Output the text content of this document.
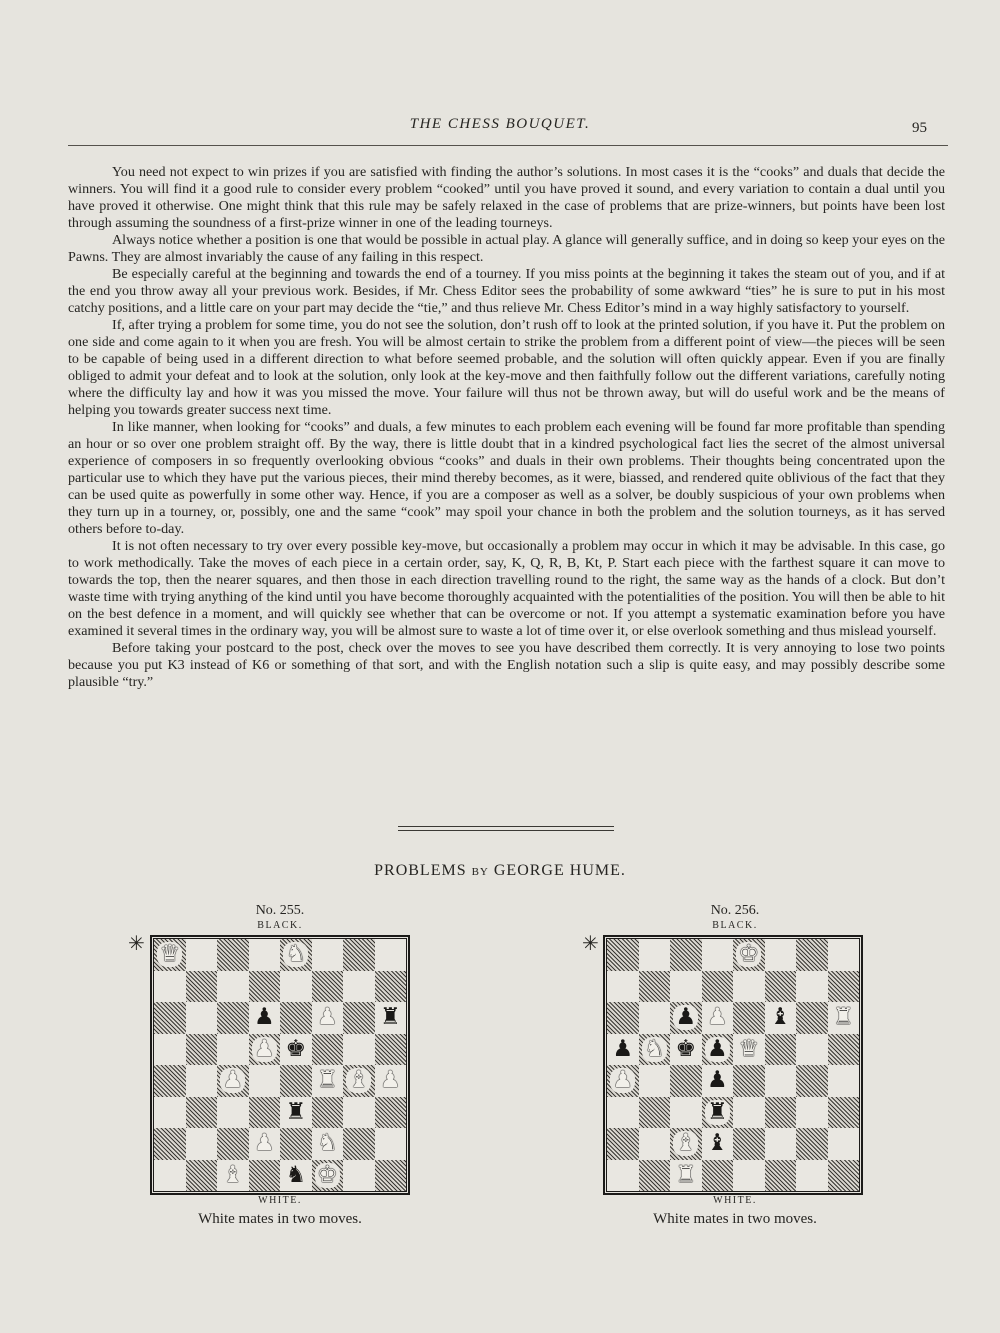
THE CHESS BOUQUET.	95

You need not expect to win prizes if you are satisfied with finding the author’s solutions. In most cases it is the “cooks” and duals that decide the winners. You will find it a good rule to consider every problem “cooked” until you have proved it sound, and every variation to contain a dual until you have proved it otherwise. One might think that this rule may be safely relaxed in the case of problems that are prize-winners, but points have been lost through assuming the soundness of a first-prize winner in one of the leading tourneys.

Always notice whether a position is one that would be possible in actual play. A glance will generally suffice, and in doing so keep your eyes on the Pawns. They are almost invariably the cause of any failing in this respect.

Be especially careful at the beginning and towards the end of a tourney. If you miss points at the beginning it takes the steam out of you, and if at the end you throw away all your previous work. Besides, if Mr. Chess Editor sees the probability of some awkward “ties” he is sure to put in his most catchy positions, and a little care on your part may decide the “tie,” and thus relieve Mr. Chess Editor’s mind in a way highly satisfactory to yourself.

If, after trying a problem for some time, you do not see the solution, don’t rush off to look at the printed solution, if you have it. Put the problem on one side and come again to it when you are fresh. You will be almost certain to strike the problem from a different point of view—the pieces will be seen to be capable of being used in a different direction to what before seemed probable, and the solution will often quickly appear. Even if you are finally obliged to admit your defeat and to look at the solution, only look at the key-move and then faithfully follow out the different variations, carefully noting where the difficulty lay and how it was you missed the move. Your failure will thus not be thrown away, but will do useful work and be the means of helping you towards greater success next time.

In like manner, when looking for “cooks” and duals, a few minutes to each problem each evening will be found far more profitable than spending an hour or so over one problem straight off. By the way, there is little doubt that in a kindred psychological fact lies the secret of the almost universal experience of composers in so frequently overlooking obvious “cooks” and duals in their own problems. Their thoughts being concentrated upon the particular use to which they have put the various pieces, their mind thereby becomes, as it were, biassed, and rendered quite oblivious of the fact that they can be used quite as powerfully in some other way. Hence, if you are a composer as well as a solver, be doubly suspicious of your own problems when they turn up in a tourney, or, possibly, one and the same “cook” may spoil your chance in both the problem and the solution tourneys, as it has served others before to-day.

It is not often necessary to try over every possible key-move, but occasionally a problem may occur in which it may be advisable. In this case, go to work methodically. Take the moves of each piece in a certain order, say, K, Q, R, B, Kt, P. Start each piece with the farthest square it can move to towards the top, then the nearer squares, and then those in each direction travelling round to the right, the same way as the hands of a clock. But don’t waste time with trying anything of the kind until you have become thoroughly acquainted with the potentialities of the position. You will then be able to hit on the best defence in a moment, and will quickly see whether that can be overcome or not. If you attempt a systematic examination before you have examined it several times in the ordinary way, you will be almost sure to waste a lot of time over it, or else overlook something and thus mislead yourself.

Before taking your postcard to the post, check over the moves to see you have described them correctly. It is very annoying to lose two points because you put K3 instead of K6 or something of that sort, and with the English notation such a slip is quite easy, and may possibly describe some plausible “try.”

PROBLEMS BY GEORGE HUME.
No. 255.
BLACK.
✳ ♛	♞
♟ ♟ ♜
♟ ♚
♟	♜ ♝ ♟
♜
♟ ♞
♝ ♞ ♚
WHITE.
White mates in two moves.
No. 256.
BLACK.
✳	♚
♟ ♟ ♝ ♜
♟ ♞ ♚ ♟ ♛
♟	♟
♜
♝ ♝
♜
WHITE.
White mates in two moves.
